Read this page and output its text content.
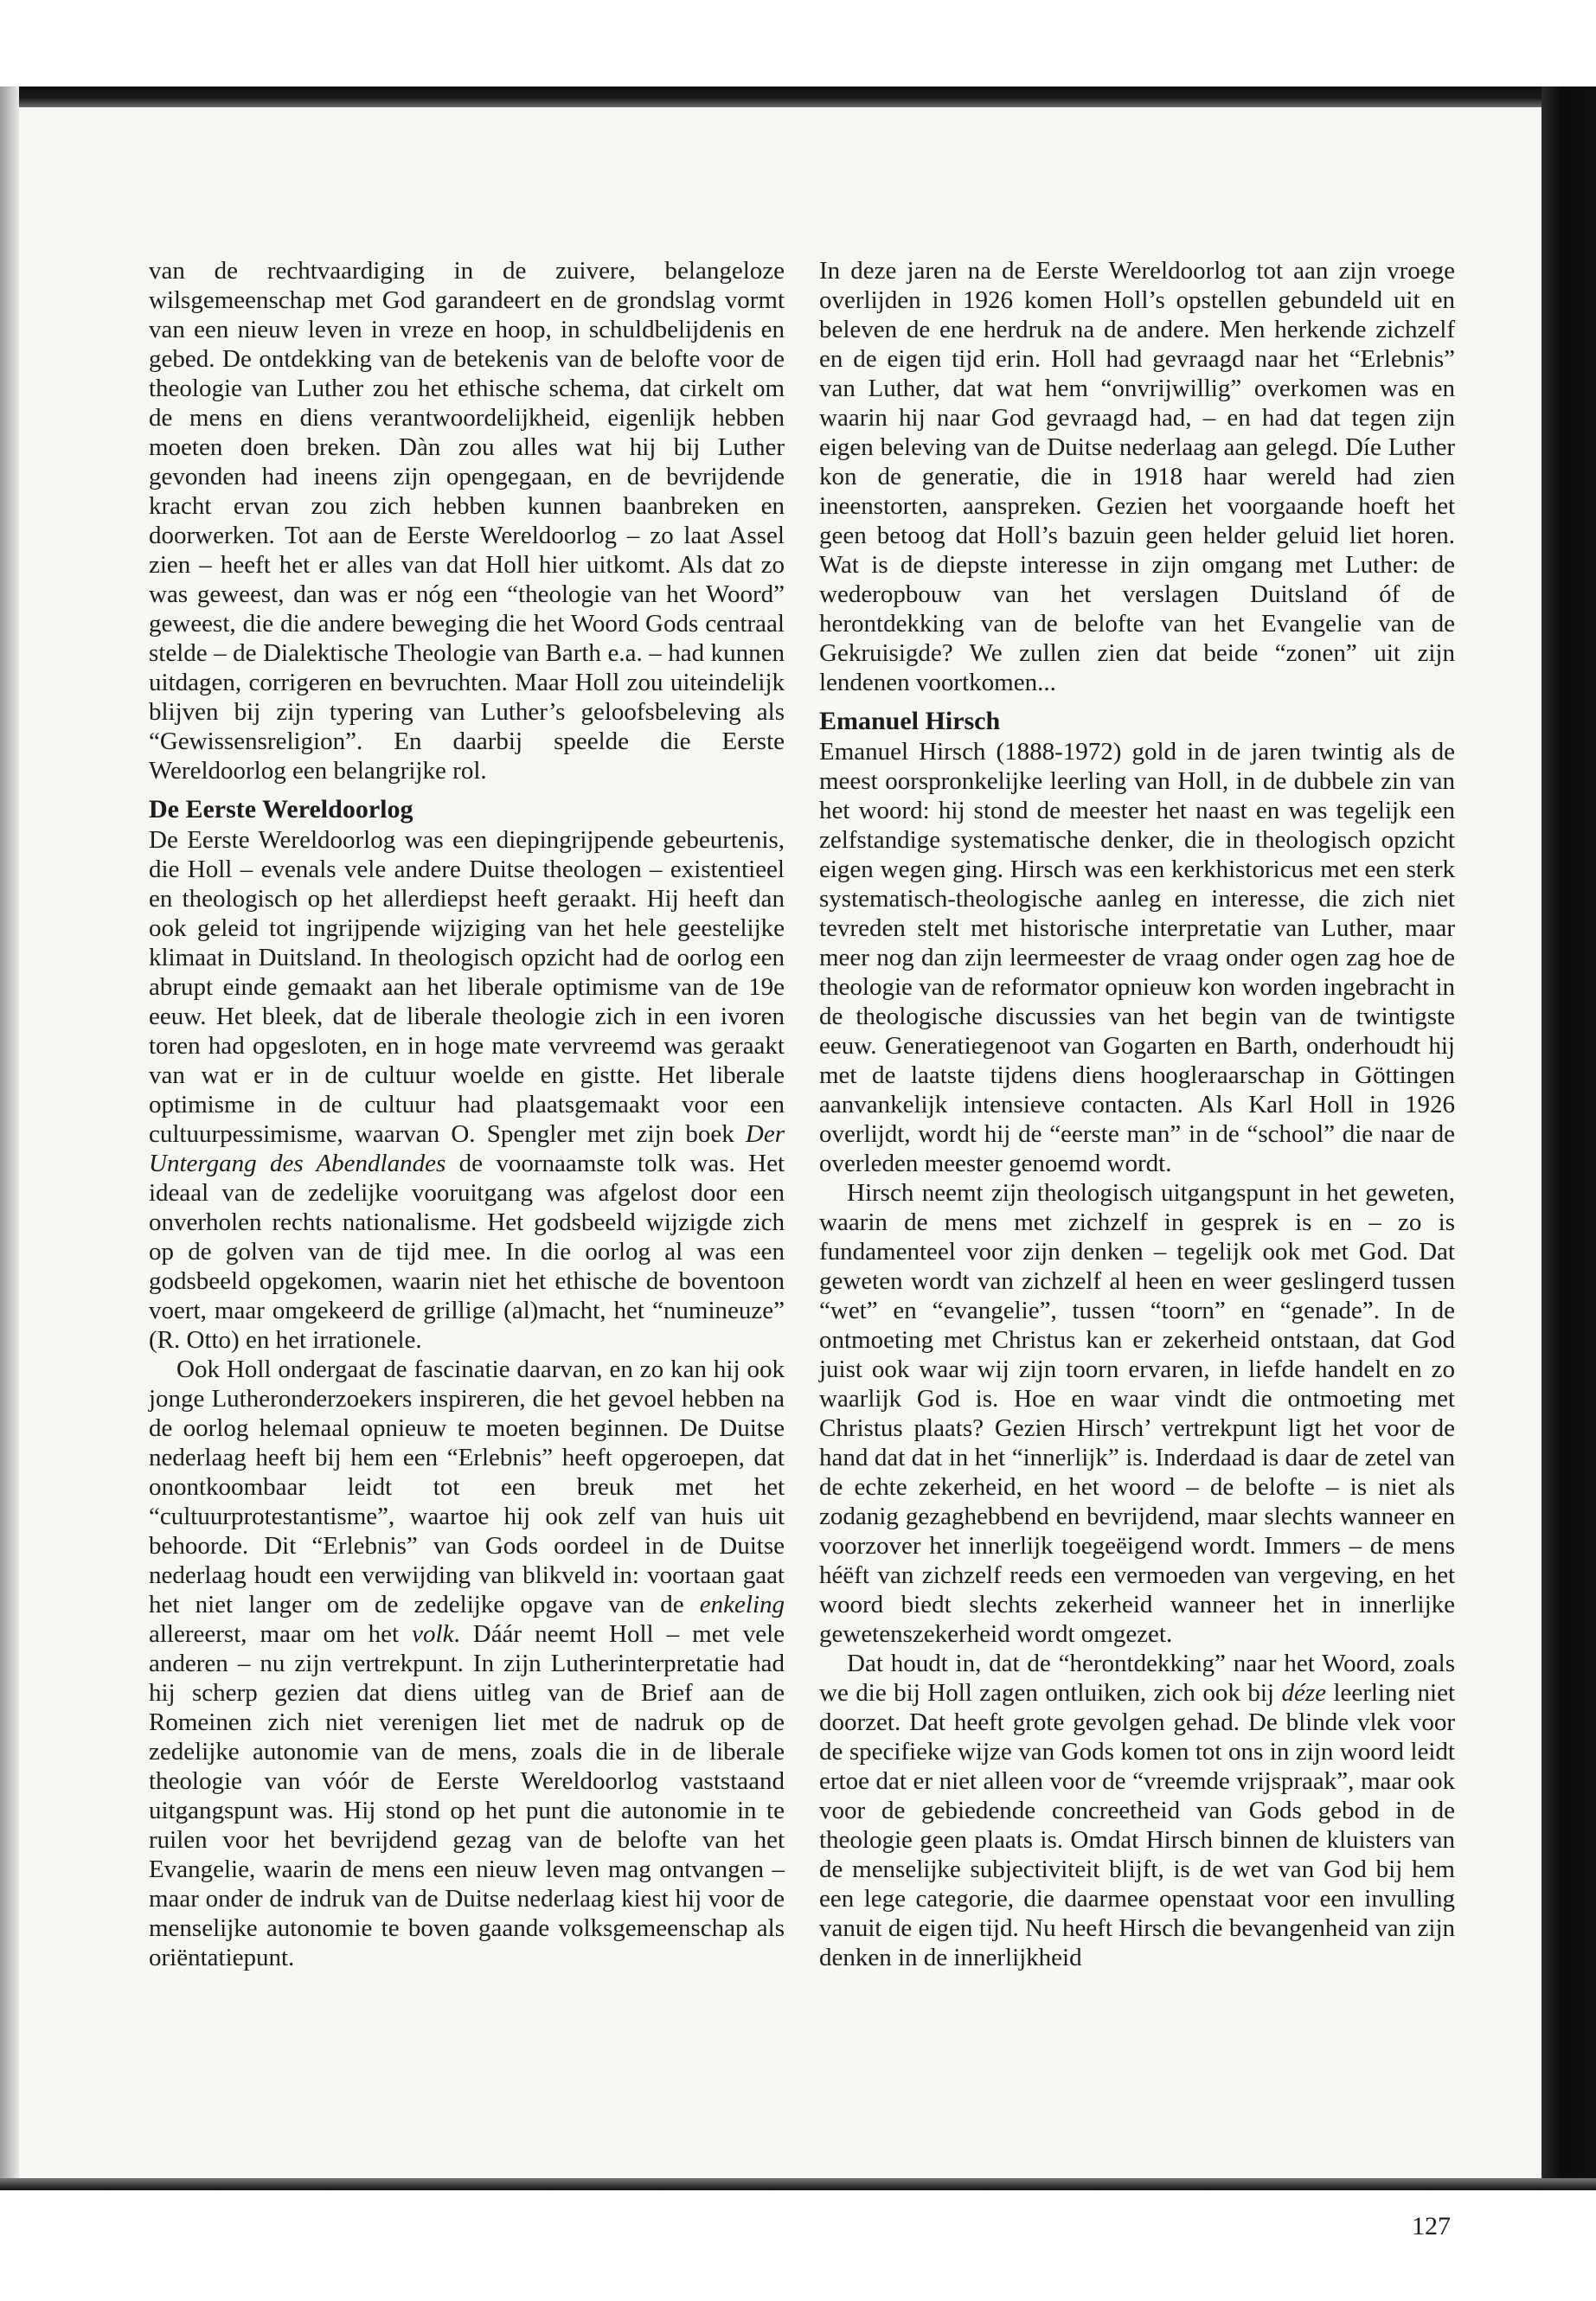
van de rechtvaardiging in de zuivere, belangeloze wilsgemeenschap met God garandeert en de grondslag vormt van een nieuw leven in vreze en hoop, in schuldbelijdenis en gebed. De ontdekking van de betekenis van de belofte voor de theologie van Luther zou het ethische schema, dat cirkelt om de mens en diens verantwoordelijkheid, eigenlijk hebben moeten doen breken. Dàn zou alles wat hij bij Luther gevonden had ineens zijn opengegaan, en de bevrijdende kracht ervan zou zich hebben kunnen baanbreken en doorwerken. Tot aan de Eerste Wereldoorlog – zo laat Assel zien – heeft het er alles van dat Holl hier uitkomt. Als dat zo was geweest, dan was er nóg een “theologie van het Woord” geweest, die die andere beweging die het Woord Gods centraal stelde – de Dialektische Theologie van Barth e.a. – had kunnen uitdagen, corrigeren en bevruchten. Maar Holl zou uiteindelijk blijven bij zijn typering van Luther’s geloofsbeleving als “Gewissensreligion”. En daarbij speelde die Eerste Wereldoorlog een belangrijke rol.

De Eerste Wereldoorlog

De Eerste Wereldoorlog was een diepingrijpende gebeurtenis, die Holl – evenals vele andere Duitse theologen – existentieel en theologisch op het allerdiepst heeft geraakt. Hij heeft dan ook geleid tot ingrijpende wijziging van het hele geestelijke klimaat in Duitsland. In theologisch opzicht had de oorlog een abrupt einde gemaakt aan het liberale optimisme van de 19e eeuw. Het bleek, dat de liberale theologie zich in een ivoren toren had opgesloten, en in hoge mate vervreemd was geraakt van wat er in de cultuur woelde en gistte. Het liberale optimisme in de cultuur had plaatsgemaakt voor een cultuurpessimisme, waarvan O. Spengler met zijn boek Der Untergang des Abendlandes de voornaamste tolk was. Het ideaal van de zedelijke vooruitgang was afgelost door een onverholen rechts nationalisme. Het godsbeeld wijzigde zich op de golven van de tijd mee. In die oorlog al was een godsbeeld opgekomen, waarin niet het ethische de boventoon voert, maar omgekeerd de grillige (al)macht, het “numineuze” (R. Otto) en het irrationele.

Ook Holl ondergaat de fascinatie daarvan, en zo kan hij ook jonge Lutheronderzoekers inspireren, die het gevoel hebben na de oorlog helemaal opnieuw te moeten beginnen. De Duitse nederlaag heeft bij hem een “Erlebnis” heeft opgeroepen, dat onontkoombaar leidt tot een breuk met het “cultuurprotestantisme”, waartoe hij ook zelf van huis uit behoorde. Dit “Erlebnis” van Gods oordeel in de Duitse nederlaag houdt een verwijding van blikveld in: voortaan gaat het niet langer om de zedelijke opgave van de enkeling allereerst, maar om het volk. Dáár neemt Holl – met vele anderen – nu zijn vertrekpunt. In zijn Lutherinterpretatie had hij scherp gezien dat diens uitleg van de Brief aan de Romeinen zich niet verenigen liet met de nadruk op de zedelijke autonomie van de mens, zoals die in de liberale theologie van vóór de Eerste Wereldoorlog vaststaand uitgangspunt was. Hij stond op het punt die autonomie in te ruilen voor het bevrijdend gezag van de belofte van het Evangelie, waarin de mens een nieuw leven mag ontvangen – maar onder de indruk van de Duitse nederlaag kiest hij voor de menselijke autonomie te boven gaande volksgemeenschap als oriëntatiepunt.

In deze jaren na de Eerste Wereldoorlog tot aan zijn vroege overlijden in 1926 komen Holl’s opstellen gebundeld uit en beleven de ene herdruk na de andere. Men herkende zichzelf en de eigen tijd erin. Holl had gevraagd naar het “Erlebnis” van Luther, dat wat hem “onvrijwillig” overkomen was en waarin hij naar God gevraagd had, – en had dat tegen zijn eigen beleving van de Duitse nederlaag aan gelegd. Díe Luther kon de generatie, die in 1918 haar wereld had zien ineenstorten, aanspreken. Gezien het voorgaande hoeft het geen betoog dat Holl’s bazuin geen helder geluid liet horen. Wat is de diepste interesse in zijn omgang met Luther: de wederopbouw van het verslagen Duitsland óf de herontdekking van de belofte van het Evangelie van de Gekruisigde? We zullen zien dat beide “zonen” uit zijn lendenen voortkomen...

Emanuel Hirsch

Emanuel Hirsch (1888-1972) gold in de jaren twintig als de meest oorspronkelijke leerling van Holl, in de dubbele zin van het woord: hij stond de meester het naast en was tegelijk een zelfstandige systematische denker, die in theologisch opzicht eigen wegen ging. Hirsch was een kerkhistoricus met een sterk systematisch-theologische aanleg en interesse, die zich niet tevreden stelt met historische interpretatie van Luther, maar meer nog dan zijn leermeester de vraag onder ogen zag hoe de theologie van de reformator opnieuw kon worden ingebracht in de theologische discussies van het begin van de twintigste eeuw. Generatiegenoot van Gogarten en Barth, onderhoudt hij met de laatste tijdens diens hoogleraarschap in Göttingen aanvankelijk intensieve contacten. Als Karl Holl in 1926 overlijdt, wordt hij de “eerste man” in de “school” die naar de overleden meester genoemd wordt.

Hirsch neemt zijn theologisch uitgangspunt in het geweten, waarin de mens met zichzelf in gesprek is en – zo is fundamenteel voor zijn denken – tegelijk ook met God. Dat geweten wordt van zichzelf al heen en weer geslingerd tussen “wet” en “evangelie”, tussen “toorn” en “genade”. In de ontmoeting met Christus kan er zekerheid ontstaan, dat God juist ook waar wij zijn toorn ervaren, in liefde handelt en zo waarlijk God is. Hoe en waar vindt die ontmoeting met Christus plaats? Gezien Hirsch’ vertrekpunt ligt het voor de hand dat dat in het “innerlijk” is. Inderdaad is daar de zetel van de echte zekerheid, en het woord – de belofte – is niet als zodanig gezaghebbend en bevrijdend, maar slechts wanneer en voorzover het innerlijk toegeëigend wordt. Immers – de mens héëft van zichzelf reeds een vermoeden van vergeving, en het woord biedt slechts zekerheid wanneer het in innerlijke gewetenszekerheid wordt omgezet.

Dat houdt in, dat de “herontdekking” naar het Woord, zoals we die bij Holl zagen ontluiken, zich ook bij déze leerling niet doorzet. Dat heeft grote gevolgen gehad. De blinde vlek voor de specifieke wijze van Gods komen tot ons in zijn woord leidt ertoe dat er niet alleen voor de “vreemde vrijspraak”, maar ook voor de gebiedende concreetheid van Gods gebod in de theologie geen plaats is. Omdat Hirsch binnen de kluisters van de menselijke subjectiviteit blijft, is de wet van God bij hem een lege categorie, die daarmee openstaat voor een invulling vanuit de eigen tijd. Nu heeft Hirsch die bevangenheid van zijn denken in de innerlijkheid

127
